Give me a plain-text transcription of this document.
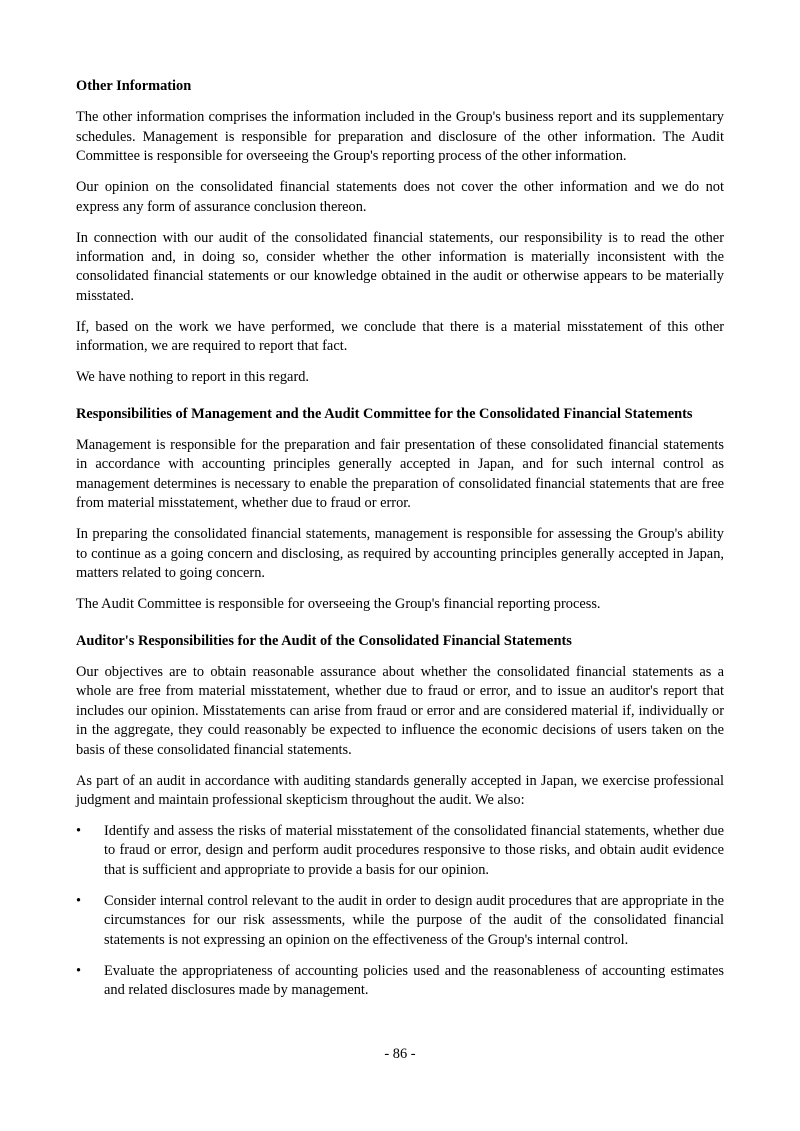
Other Information

The other information comprises the information included in the Group's business report and its supplementary schedules. Management is responsible for preparation and disclosure of the other information. The Audit Committee is responsible for overseeing the Group's reporting process of the other information.

Our opinion on the consolidated financial statements does not cover the other information and we do not express any form of assurance conclusion thereon.

In connection with our audit of the consolidated financial statements, our responsibility is to read the other information and, in doing so, consider whether the other information is materially inconsistent with the consolidated financial statements or our knowledge obtained in the audit or otherwise appears to be materially misstated.

If, based on the work we have performed, we conclude that there is a material misstatement of this other information, we are required to report that fact.

We have nothing to report in this regard.

Responsibilities of Management and the Audit Committee for the Consolidated Financial Statements

Management is responsible for the preparation and fair presentation of these consolidated financial statements in accordance with accounting principles generally accepted in Japan, and for such internal control as management determines is necessary to enable the preparation of consolidated financial statements that are free from material misstatement, whether due to fraud or error.

In preparing the consolidated financial statements, management is responsible for assessing the Group's ability to continue as a going concern and disclosing, as required by accounting principles generally accepted in Japan, matters related to going concern.

The Audit Committee is responsible for overseeing the Group's financial reporting process.

Auditor's Responsibilities for the Audit of the Consolidated Financial Statements

Our objectives are to obtain reasonable assurance about whether the consolidated financial statements as a whole are free from material misstatement, whether due to fraud or error, and to issue an auditor's report that includes our opinion. Misstatements can arise from fraud or error and are considered material if, individually or in the aggregate, they could reasonably be expected to influence the economic decisions of users taken on the basis of these consolidated financial statements.

As part of an audit in accordance with auditing standards generally accepted in Japan, we exercise professional judgment and maintain professional skepticism throughout the audit. We also:

• Identify and assess the risks of material misstatement of the consolidated financial statements, whether due to fraud or error, design and perform audit procedures responsive to those risks, and obtain audit evidence that is sufficient and appropriate to provide a basis for our opinion.
• Consider internal control relevant to the audit in order to design audit procedures that are appropriate in the circumstances for our risk assessments, while the purpose of the audit of the consolidated financial statements is not expressing an opinion on the effectiveness of the Group's internal control.
• Evaluate the appropriateness of accounting policies used and the reasonableness of accounting estimates and related disclosures made by management.
- 86 -
